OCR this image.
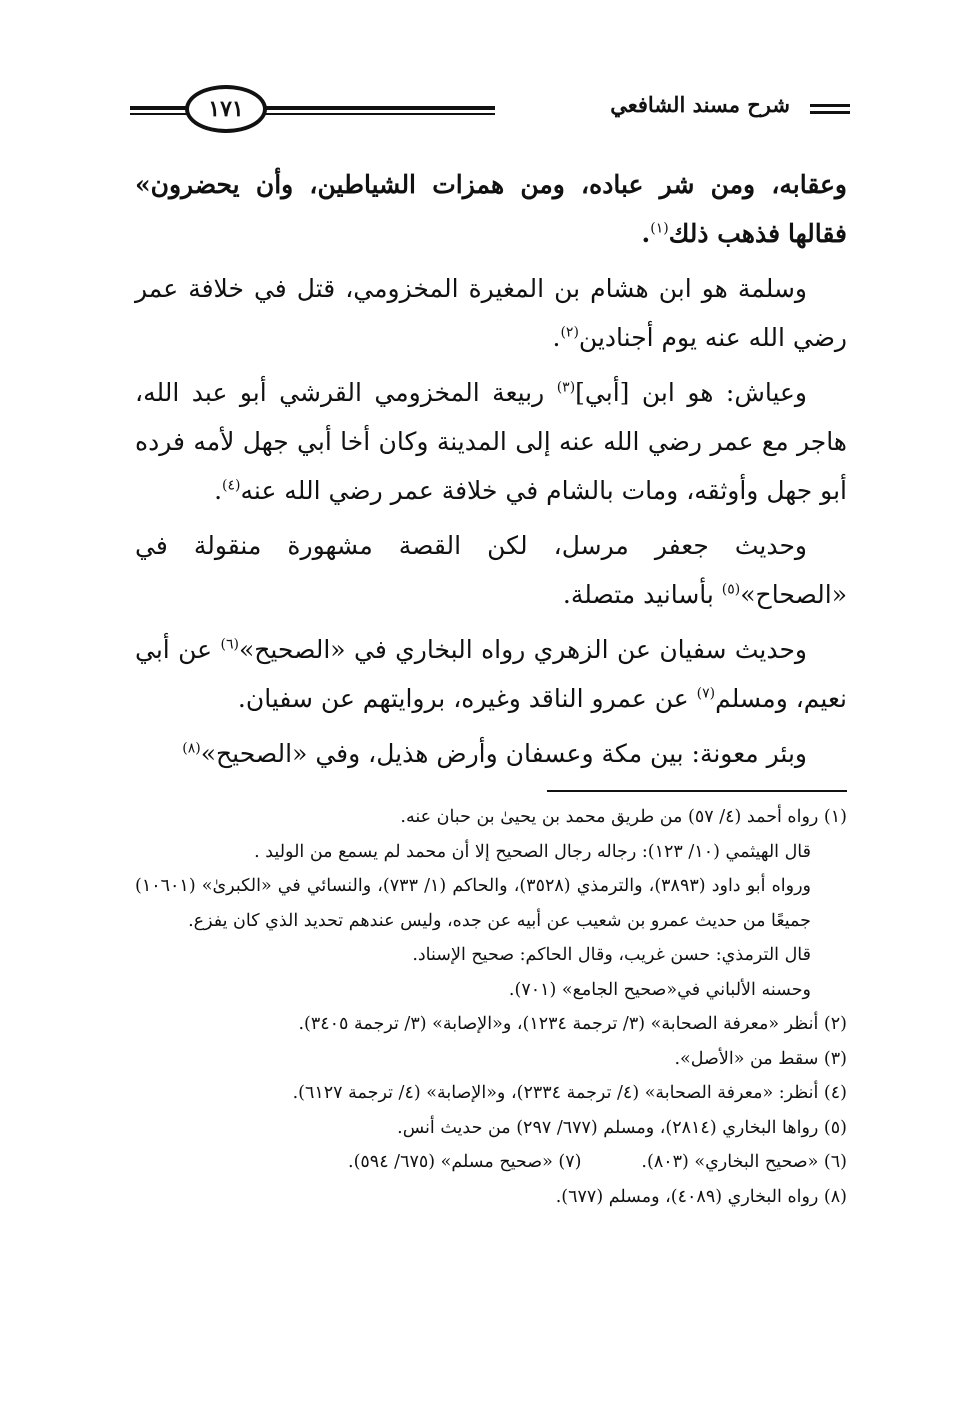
شرح مسند الشافعي
١٧١

وعقابه، ومن شر عباده، ومن همزات الشياطين، وأن يحضرون» فقالها فذهب ذلك$^{(١)}$.

وسلمة هو ابن هشام بن المغيرة المخزومي، قتل في خلافة عمر رضي الله عنه يوم أجنادين$^{(٢)}$.

وعياش: هو ابن [أبي]$^{(٣)}$ ربيعة المخزومي القرشي أبو عبد الله، هاجر مع عمر رضي الله عنه إلى المدينة وكان أخا أبي جهل لأمه فرده أبو جهل وأوثقه، ومات بالشام في خلافة عمر رضي الله عنه$^{(٤)}$.

وحديث جعفر مرسل، لكن القصة مشهورة منقولة في «الصحاح»$^{(٥)}$ بأسانيد متصلة.

وحديث سفيان عن الزهري رواه البخاري في «الصحيح»$^{(٦)}$ عن أبي نعيم، ومسلم$^{(٧)}$ عن عمرو الناقد وغيره، بروايتهم عن سفيان.

وبئر معونة: بين مكة وعسفان وأرض هذيل، وفي «الصحيح»$^{(٨)}$

(١) رواه أحمد (٤/ ٥٧) من طريق محمد بن يحيىٰ بن حبان عنه.
قال الهيثمي (١٠/ ١٢٣): رجاله رجال الصحيح إلا أن محمد لم يسمع من الوليد .
ورواه أبو داود (٣٨٩٣)، والترمذي (٣٥٢٨)، والحاكم (١/ ٧٣٣)، والنسائي في «الكبرىٰ» (١٠٦٠١) جميعًا من حديث عمرو بن شعيب عن أبيه عن جده، وليس عندهم تحديد الذي كان يفزع.
قال الترمذي: حسن غريب، وقال الحاكم: صحيح الإسناد.
وحسنه الألباني في«صحيح الجامع» (٧٠١).
(٢) أنظر «معرفة الصحابة» (٣/ ترجمة ١٢٣٤)، و«الإصابة» (٣/ ترجمة ٣٤٠٥).
(٣) سقط من «الأصل».
(٤) أنظر: «معرفة الصحابة» (٤/ ترجمة ٢٣٣٤)، و«الإصابة» (٤/ ترجمة ٦١٢٧).
(٥) رواها البخاري (٢٨١٤)، ومسلم (٦٧٧/ ٢٩٧) من حديث أنس.
(٦) «صحيح البخاري» (٨٠٣).
(٧) «صحيح مسلم» (٦٧٥/ ٥٩٤).
(٨) رواه البخاري (٤٠٨٩)، ومسلم (٦٧٧).
